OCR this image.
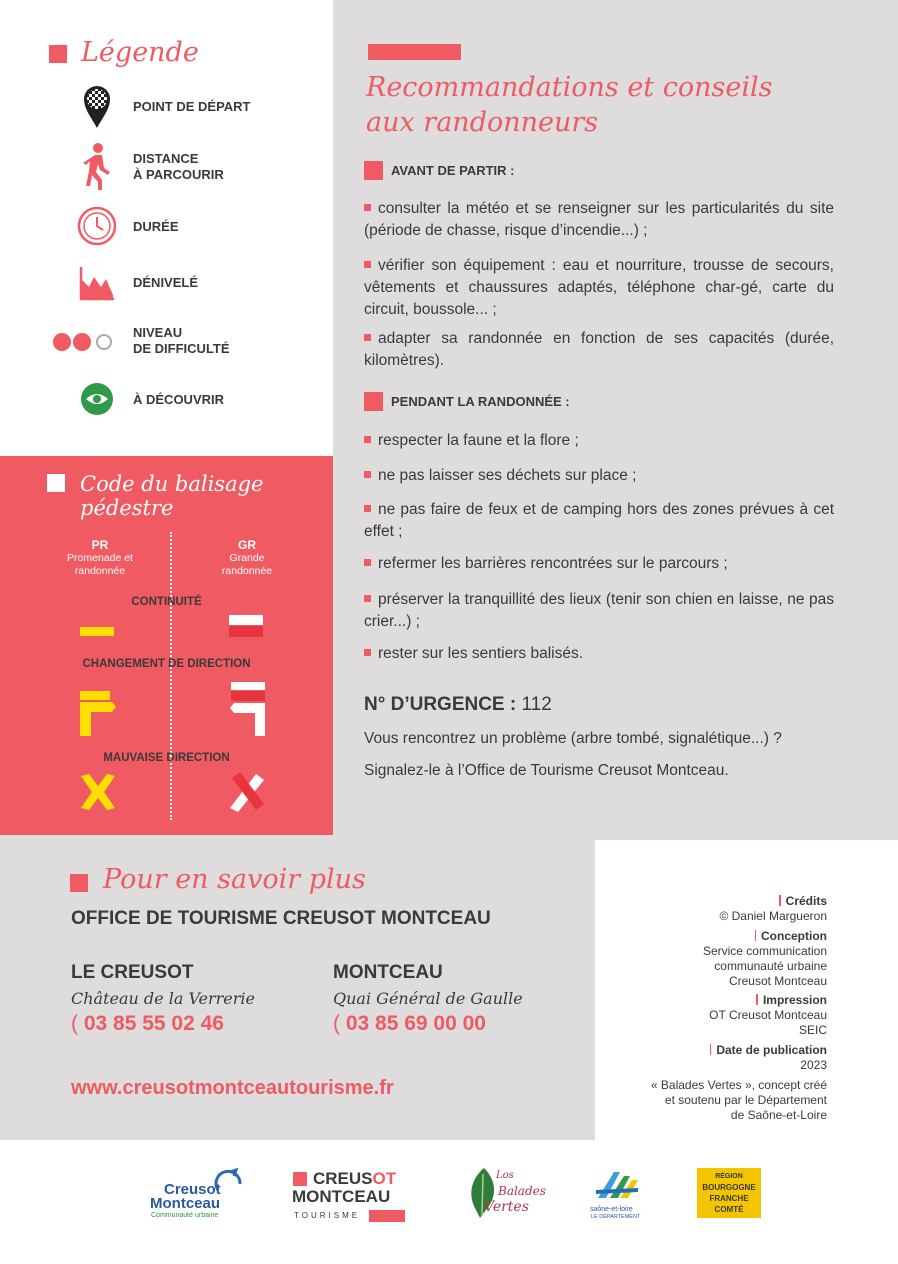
Légende
POINT DE DÉPART
DISTANCE
À PARCOURIR
DURÉE
DÉNIVELÉ
NIVEAU
DE DIFFICULTÉ
À DÉCOUVRIR
Recommandations et conseils
aux randonneurs
AVANT DE PARTIR :
consulter la météo et se renseigner sur les particularités du site (période de chasse, risque d’incendie...) ;
vérifier son équipement : eau et nourriture, trousse de secours, vêtements et chaussures adaptés, téléphone char-gé, carte du circuit, boussole... ;
adapter sa randonnée en fonction de ses capacités (durée, kilomètres).
PENDANT LA RANDONNÉE :
respecter la faune et la flore ;
ne pas laisser ses déchets sur place ;
ne pas faire de feux et de camping hors des zones prévues à cet effet ;
refermer les barrières rencontrées sur le parcours ;
préserver la tranquillité des lieux (tenir son chien en laisse, ne pas crier...) ;
rester sur les sentiers balisés.
N° D’URGENCE : 112
Vous rencontrez un problème (arbre tombé, signalétique...) ?
Signalez-le à l’Office de Tourisme Creusot Montceau.
Code du balisage
pédestre
PR
Promenade et
randonnée
GR
Grande
randonnée
CONTINUITÉ
CHANGEMENT DE DIRECTION
MAUVAISE DIRECTION
Pour en savoir plus
OFFICE DE TOURISME CREUSOT MONTCEAU
LE CREUSOT
Château de la Verrerie
( 03 85 55 02 46
MONTCEAU
Quai Général de Gaulle
( 03 85 69 00 00
www.creusotmontceautourisme.fr
Crédits
© Daniel Margueron
Conception
Service communication
communauté urbaine
Creusot Montceau
Impression
OT Creusot Montceau
SEIC
Date de publication
2023
« Balades Vertes », concept créé
et soutenu par le Département
de Saône-et-Loire
Creusot
Montceau
Communauté urbaine
CREUSOT
MONTCEAU
TOURISME
Los
Balades
Vertes	saône-et-loire
LE DÉPARTEMENT
RÉGION
BOURGOGNE
FRANCHE
COMTÉ
